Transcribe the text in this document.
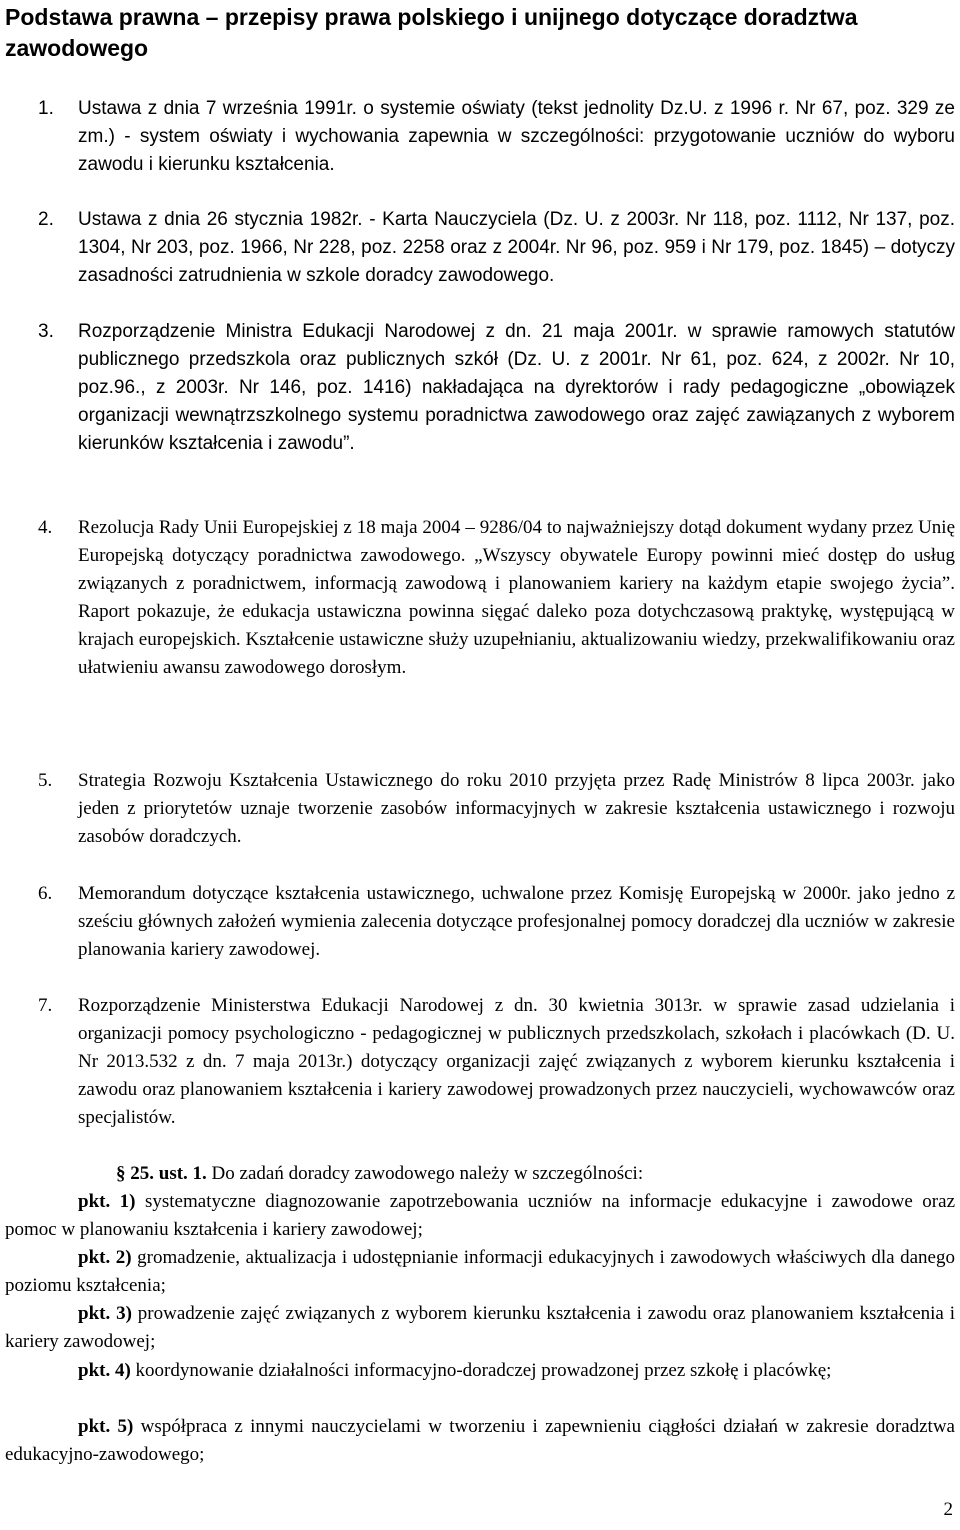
Podstawa prawna – przepisy prawa polskiego i unijnego dotyczące doradztwa zawodowego
1. Ustawa z dnia 7 września 1991r. o systemie oświaty (tekst jednolity Dz.U. z 1996 r. Nr 67, poz. 329 ze zm.) - system oświaty i wychowania zapewnia w szczególności: przygotowanie uczniów do wyboru zawodu i kierunku kształcenia.
2. Ustawa z dnia 26 stycznia 1982r. - Karta Nauczyciela (Dz. U. z 2003r. Nr 118, poz. 1112, Nr 137, poz. 1304, Nr 203, poz. 1966, Nr 228, poz. 2258 oraz z 2004r. Nr 96, poz. 959 i Nr 179, poz. 1845) – dotyczy zasadności zatrudnienia w szkole doradcy zawodowego.
3. Rozporządzenie Ministra Edukacji Narodowej z dn. 21 maja 2001r. w sprawie ramowych statutów publicznego przedszkola oraz publicznych szkół (Dz. U. z 2001r. Nr 61, poz. 624, z 2002r. Nr 10, poz.96., z 2003r. Nr 146, poz. 1416) nakładająca na dyrektorów i rady pedagogiczne „obowiązek organizacji wewnątrzszkolnego systemu poradnictwa zawodowego oraz zajęć zawiązanych z wyborem kierunków kształcenia i zawodu”.
4. Rezolucja Rady Unii Europejskiej z 18 maja 2004 – 9286/04 to najważniejszy dotąd dokument wydany przez Unię Europejską dotyczący poradnictwa zawodowego. „Wszyscy obywatele Europy powinni mieć dostęp do usług związanych z poradnictwem, informacją zawodową i planowaniem kariery na każdym etapie swojego życia”. Raport pokazuje, że edukacja ustawiczna powinna sięgać daleko poza dotychczasową praktykę, występującą w krajach europejskich. Kształcenie ustawiczne służy uzupełnianiu, aktualizowaniu wiedzy, przekwalifikowaniu oraz ułatwieniu awansu zawodowego dorosłym.
5. Strategia Rozwoju Kształcenia Ustawicznego do roku 2010 przyjęta przez Radę Ministrów 8 lipca 2003r. jako jeden z priorytetów uznaje tworzenie zasobów informacyjnych w zakresie kształcenia ustawicznego i rozwoju zasobów doradczych.
6. Memorandum dotyczące kształcenia ustawicznego, uchwalone przez Komisję Europejską w 2000r. jako jedno z sześciu głównych założeń wymienia zalecenia dotyczące profesjonalnej pomocy doradczej dla uczniów w zakresie planowania kariery zawodowej.
7. Rozporządzenie Ministerstwa Edukacji Narodowej z dn. 30 kwietnia 3013r. w sprawie zasad udzielania i organizacji pomocy psychologiczno - pedagogicznej w publicznych przedszkolach, szkołach i placówkach (D. U. Nr 2013.532 z dn. 7 maja 2013r.) dotyczący organizacji zajęć związanych z wyborem kierunku kształcenia i zawodu oraz planowaniem kształcenia i kariery zawodowej prowadzonych przez nauczycieli, wychowawców oraz specjalistów.

§ 25. ust. 1. Do zadań doradcy zawodowego należy w szczególności:

pkt. 1) systematyczne diagnozowanie zapotrzebowania uczniów na informacje edukacyjne i zawodowe oraz pomoc w planowaniu kształcenia i kariery zawodowej;

pkt. 2) gromadzenie, aktualizacja i udostępnianie informacji edukacyjnych i zawodowych właściwych dla danego poziomu kształcenia;

pkt. 3) prowadzenie zajęć związanych z wyborem kierunku kształcenia i zawodu oraz planowaniem kształcenia i kariery zawodowej;

pkt. 4) koordynowanie działalności informacyjno-doradczej prowadzonej przez szkołę i placówkę;

pkt. 5) współpraca z innymi nauczycielami w tworzeniu i zapewnieniu ciągłości działań w zakresie doradztwa edukacyjno-zawodowego;

2
